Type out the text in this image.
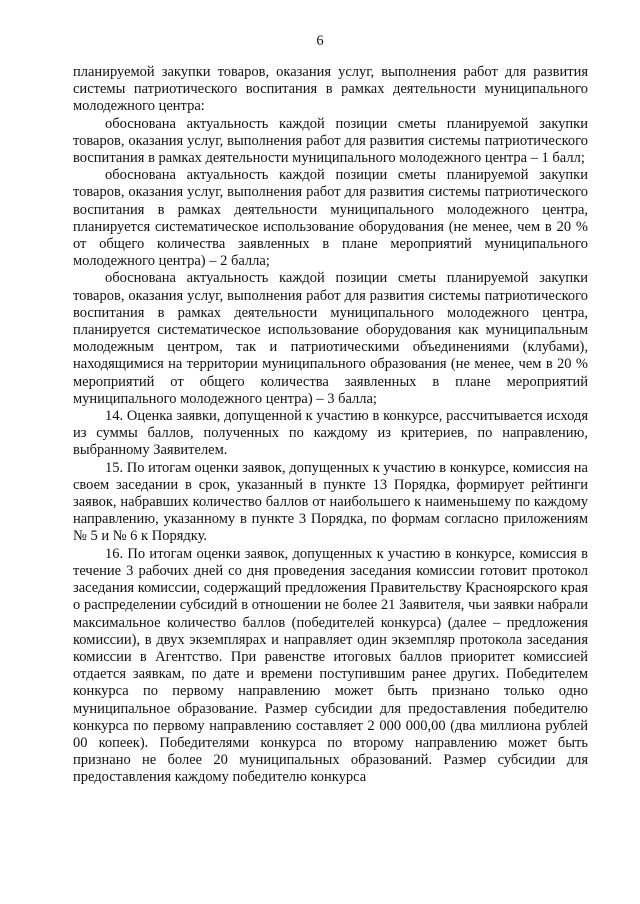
6

планируемой закупки товаров, оказания услуг, выполнения работ для развития системы патриотического воспитания в рамках деятельности муниципального молодежного центра:

обоснована актуальность каждой позиции сметы планируемой закупки товаров, оказания услуг, выполнения работ для развития системы патриотического воспитания в рамках деятельности муниципального молодежного центра – 1 балл;

обоснована актуальность каждой позиции сметы планируемой закупки товаров, оказания услуг, выполнения работ для развития системы патриотического воспитания в рамках деятельности муниципального молодежного центра, планируется систематическое использование оборудования (не менее, чем в 20 % от общего количества заявленных в плане мероприятий муниципального молодежного центра) – 2 балла;

обоснована актуальность каждой позиции сметы планируемой закупки товаров, оказания услуг, выполнения работ для развития системы патриотического воспитания в рамках деятельности муниципального молодежного центра, планируется систематическое использование оборудования как муниципальным молодежным центром, так и патриотическими объединениями (клубами), находящимися на территории муниципального образования (не менее, чем в 20 % мероприятий от общего количества заявленных в плане мероприятий муниципального молодежного центра) – 3 балла;

14. Оценка заявки, допущенной к участию в конкурсе, рассчитывается исходя из суммы баллов, полученных по каждому из критериев, по направлению, выбранному Заявителем.

15. По итогам оценки заявок, допущенных к участию в конкурсе, комиссия на своем заседании в срок, указанный в пункте 13 Порядка, формирует рейтинги заявок, набравших количество баллов от наибольшего к наименьшему по каждому направлению, указанному в пункте 3 Порядка, по формам согласно приложениям № 5 и № 6 к Порядку.

16. По итогам оценки заявок, допущенных к участию в конкурсе, комиссия в течение 3 рабочих дней со дня проведения заседания комиссии готовит протокол заседания комиссии, содержащий предложения Правительству Красноярского края о распределении субсидий в отношении не более 21 Заявителя, чьи заявки набрали максимальное количество баллов (победителей конкурса) (далее – предложения комиссии), в двух экземплярах и направляет один экземпляр протокола заседания комиссии в Агентство. При равенстве итоговых баллов приоритет комиссией отдается заявкам, по дате и времени поступившим ранее других. Победителем конкурса по первому направлению может быть признано только одно муниципальное образование. Размер субсидии для предоставления победителю конкурса по первому направлению составляет 2 000 000,00 (два миллиона рублей 00 копеек). Победителями конкурса по второму направлению может быть признано не более 20 муниципальных образований. Размер субсидии для предоставления каждому победителю конкурса
